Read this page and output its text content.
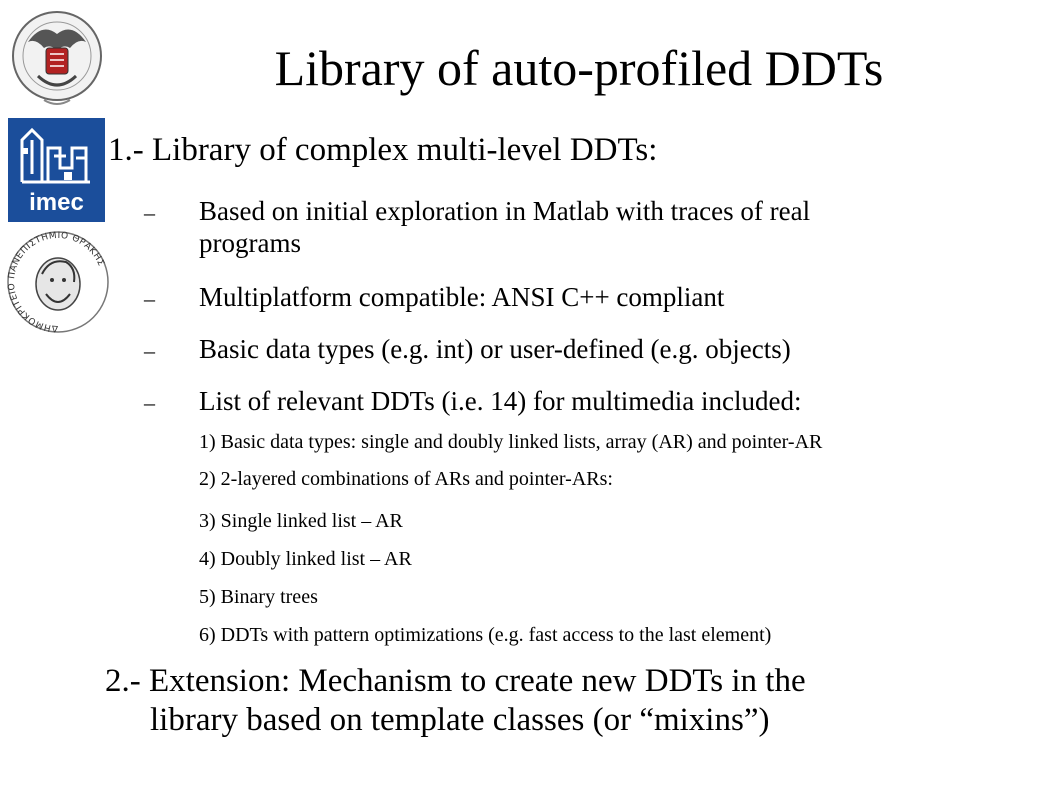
imec
ΔΗΜΟΚΡΙΤΕΙΟ ΠΑΝΕΠΙΣΤΗΜΙΟ ΘΡΑΚΗΣ
Library of auto-profiled DDTs
1.- Library of complex multi-level DDTs:
– Based on initial exploration in Matlab with traces of real
programs
– Multiplatform compatible: ANSI C++ compliant
– Basic data types (e.g. int) or user-defined (e.g. objects)
– List of relevant DDTs (i.e. 14) for multimedia included:
1) Basic data types: single and doubly linked lists, array (AR) and pointer-AR
2) 2-layered combinations of ARs and pointer-ARs:
3) Single linked list – AR
4) Doubly linked list – AR
5) Binary trees
6) DDTs with pattern optimizations (e.g. fast access to the last element)
2.- Extension: Mechanism to create new DDTs in the
library based on template classes (or “mixins”)
